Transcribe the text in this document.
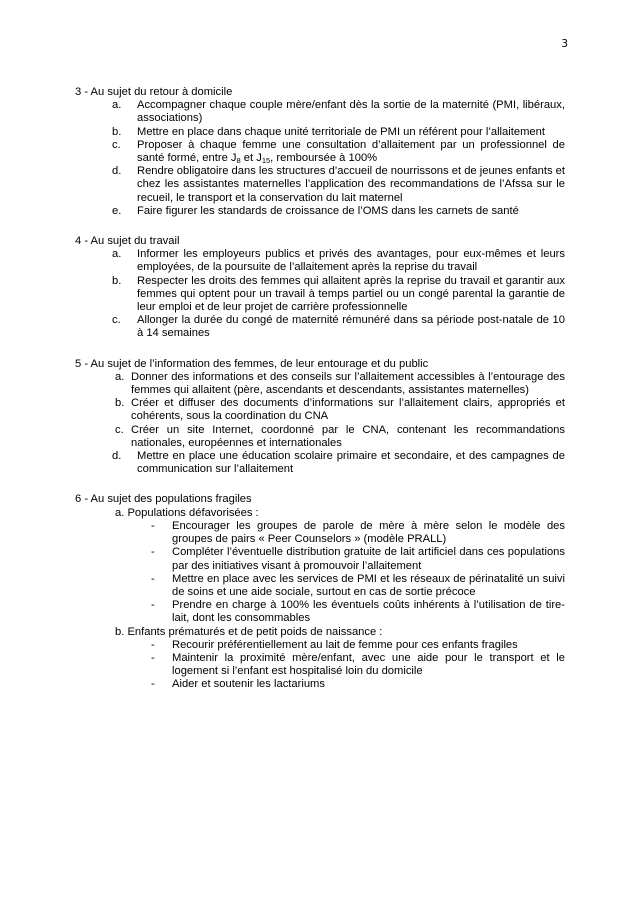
3
3 - Au sujet du retour à domicile
a. Accompagner chaque couple mère/enfant dès la sortie de la maternité (PMI, libéraux, associations)
b. Mettre en place dans chaque unité territoriale de PMI un référent pour l’allaitement
c. Proposer à chaque femme une consultation d’allaitement par un professionnel de santé formé, entre $J_8$ et $J_{15}$, remboursée à 100%
d. Rendre obligatoire dans les structures d’accueil de nourrissons et de jeunes enfants et chez les assistantes maternelles l’application des recommandations de l’Afssa sur le recueil, le transport et la conservation du lait maternel
e. Faire figurer les standards de croissance de l’OMS dans les carnets de santé
4 - Au sujet du travail
a. Informer les employeurs publics et privés des avantages, pour eux-mêmes et leurs employées, de la poursuite de l’allaitement après la reprise du travail
b. Respecter les droits des femmes qui allaitent après la reprise du travail et garantir aux femmes qui optent pour un travail à temps partiel ou un congé parental la garantie de leur emploi et de leur projet de carrière professionnelle
c. Allonger la durée du congé de maternité rémunéré dans sa période post-natale de 10 à 14 semaines
5 - Au sujet de l’information des femmes, de leur entourage et du public
a. Donner des informations et des conseils sur l’allaitement accessibles à l’entourage des femmes qui allaitent (père, ascendants et descendants, assistantes maternelles)
b. Créer et diffuser des documents d’informations sur l’allaitement clairs, appropriés et cohérents, sous la coordination du CNA
c. Créer un site Internet, coordonné par le CNA, contenant les recommandations nationales, européennes et internationales
d. Mettre en place une éducation scolaire primaire et secondaire, et des campagnes de communication sur l’allaitement
6 - Au sujet des populations fragiles
a. Populations défavorisées :
- Encourager les groupes de parole de mère à mère selon le modèle des groupes de pairs « Peer Counselors » (modèle PRALL)
- Compléter l’éventuelle distribution gratuite de lait artificiel dans ces populations par des initiatives visant à promouvoir l’allaitement
- Mettre en place avec les services de PMI et les réseaux de périnatalité un suivi de soins et une aide sociale, surtout en cas de sortie précoce
- Prendre en charge à 100% les éventuels coûts inhérents à l’utilisation de tire-lait, dont les consommables
b. Enfants prématurés et de petit poids de naissance :
- Recourir préférentiellement au lait de femme pour ces enfants fragiles
- Maintenir la proximité mère/enfant, avec une aide pour le transport et le logement si l’enfant est hospitalisé loin du domicile
- Aider et soutenir les lactariums
